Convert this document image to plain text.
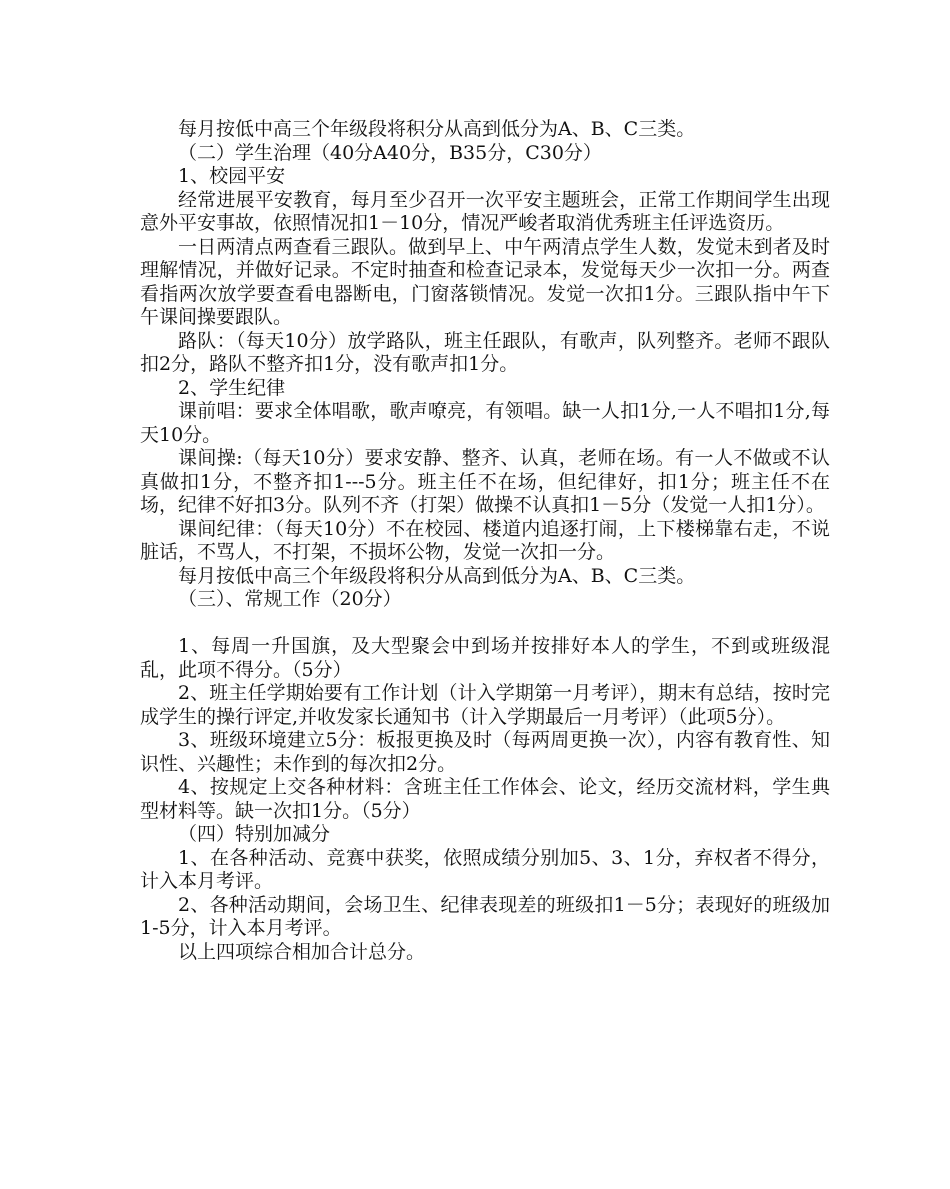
每月按低中高三个年级段将积分从高到低分为A、B、C三类。

（二）学生治理（40分A40分，B35分，C30分）

1、校园平安

经常进展平安教育，每月至少召开一次平安主题班会，正常工作期间学生出现意外平安事故，依照情况扣1－10分，情况严峻者取消优秀班主任评选资历。

一日两清点两查看三跟队。做到早上、中午两清点学生人数，发觉未到者及时理解情况，并做好记录。不定时抽查和检查记录本，发觉每天少一次扣一分。两查看指两次放学要查看电器断电，门窗落锁情况。发觉一次扣1分。三跟队指中午下午课间操要跟队。

路队：（每天10分）放学路队，班主任跟队，有歌声，队列整齐。老师不跟队扣2分，路队不整齐扣1分，没有歌声扣1分。

2、学生纪律

课前唱：要求全体唱歌，歌声嘹亮，有领唱。缺一人扣1分,一人不唱扣1分,每天10分。

课间操:（每天10分）要求安静、整齐、认真，老师在场。有一人不做或不认真做扣1分，不整齐扣1---5分。班主任不在场，但纪律好，扣1分；班主任不在场，纪律不好扣3分。队列不齐（打架）做操不认真扣1－5分（发觉一人扣1分）。

课间纪律：（每天10分）不在校园、楼道内追逐打闹，上下楼梯靠右走，不说脏话，不骂人，不打架，不损坏公物，发觉一次扣一分。

每月按低中高三个年级段将积分从高到低分为A、B、C三类。

（三）、常规工作（20分）

1、每周一升国旗，及大型聚会中到场并按排好本人的学生，不到或班级混乱，此项不得分。（5分）

2、班主任学期始要有工作计划（计入学期第一月考评），期末有总结，按时完成学生的操行评定,并收发家长通知书（计入学期最后一月考评）（此项5分）。

3、班级环境建立5分：板报更换及时（每两周更换一次），内容有教育性、知识性、兴趣性；未作到的每次扣2分。

4、按规定上交各种材料：含班主任工作体会、论文，经历交流材料，学生典型材料等。缺一次扣1分。（5分）

（四）特别加减分

1、在各种活动、竞赛中获奖，依照成绩分别加5、3、1分，弃权者不得分，计入本月考评。

2、各种活动期间，会场卫生、纪律表现差的班级扣1－5分；表现好的班级加1-5分，计入本月考评。

以上四项综合相加合计总分。
